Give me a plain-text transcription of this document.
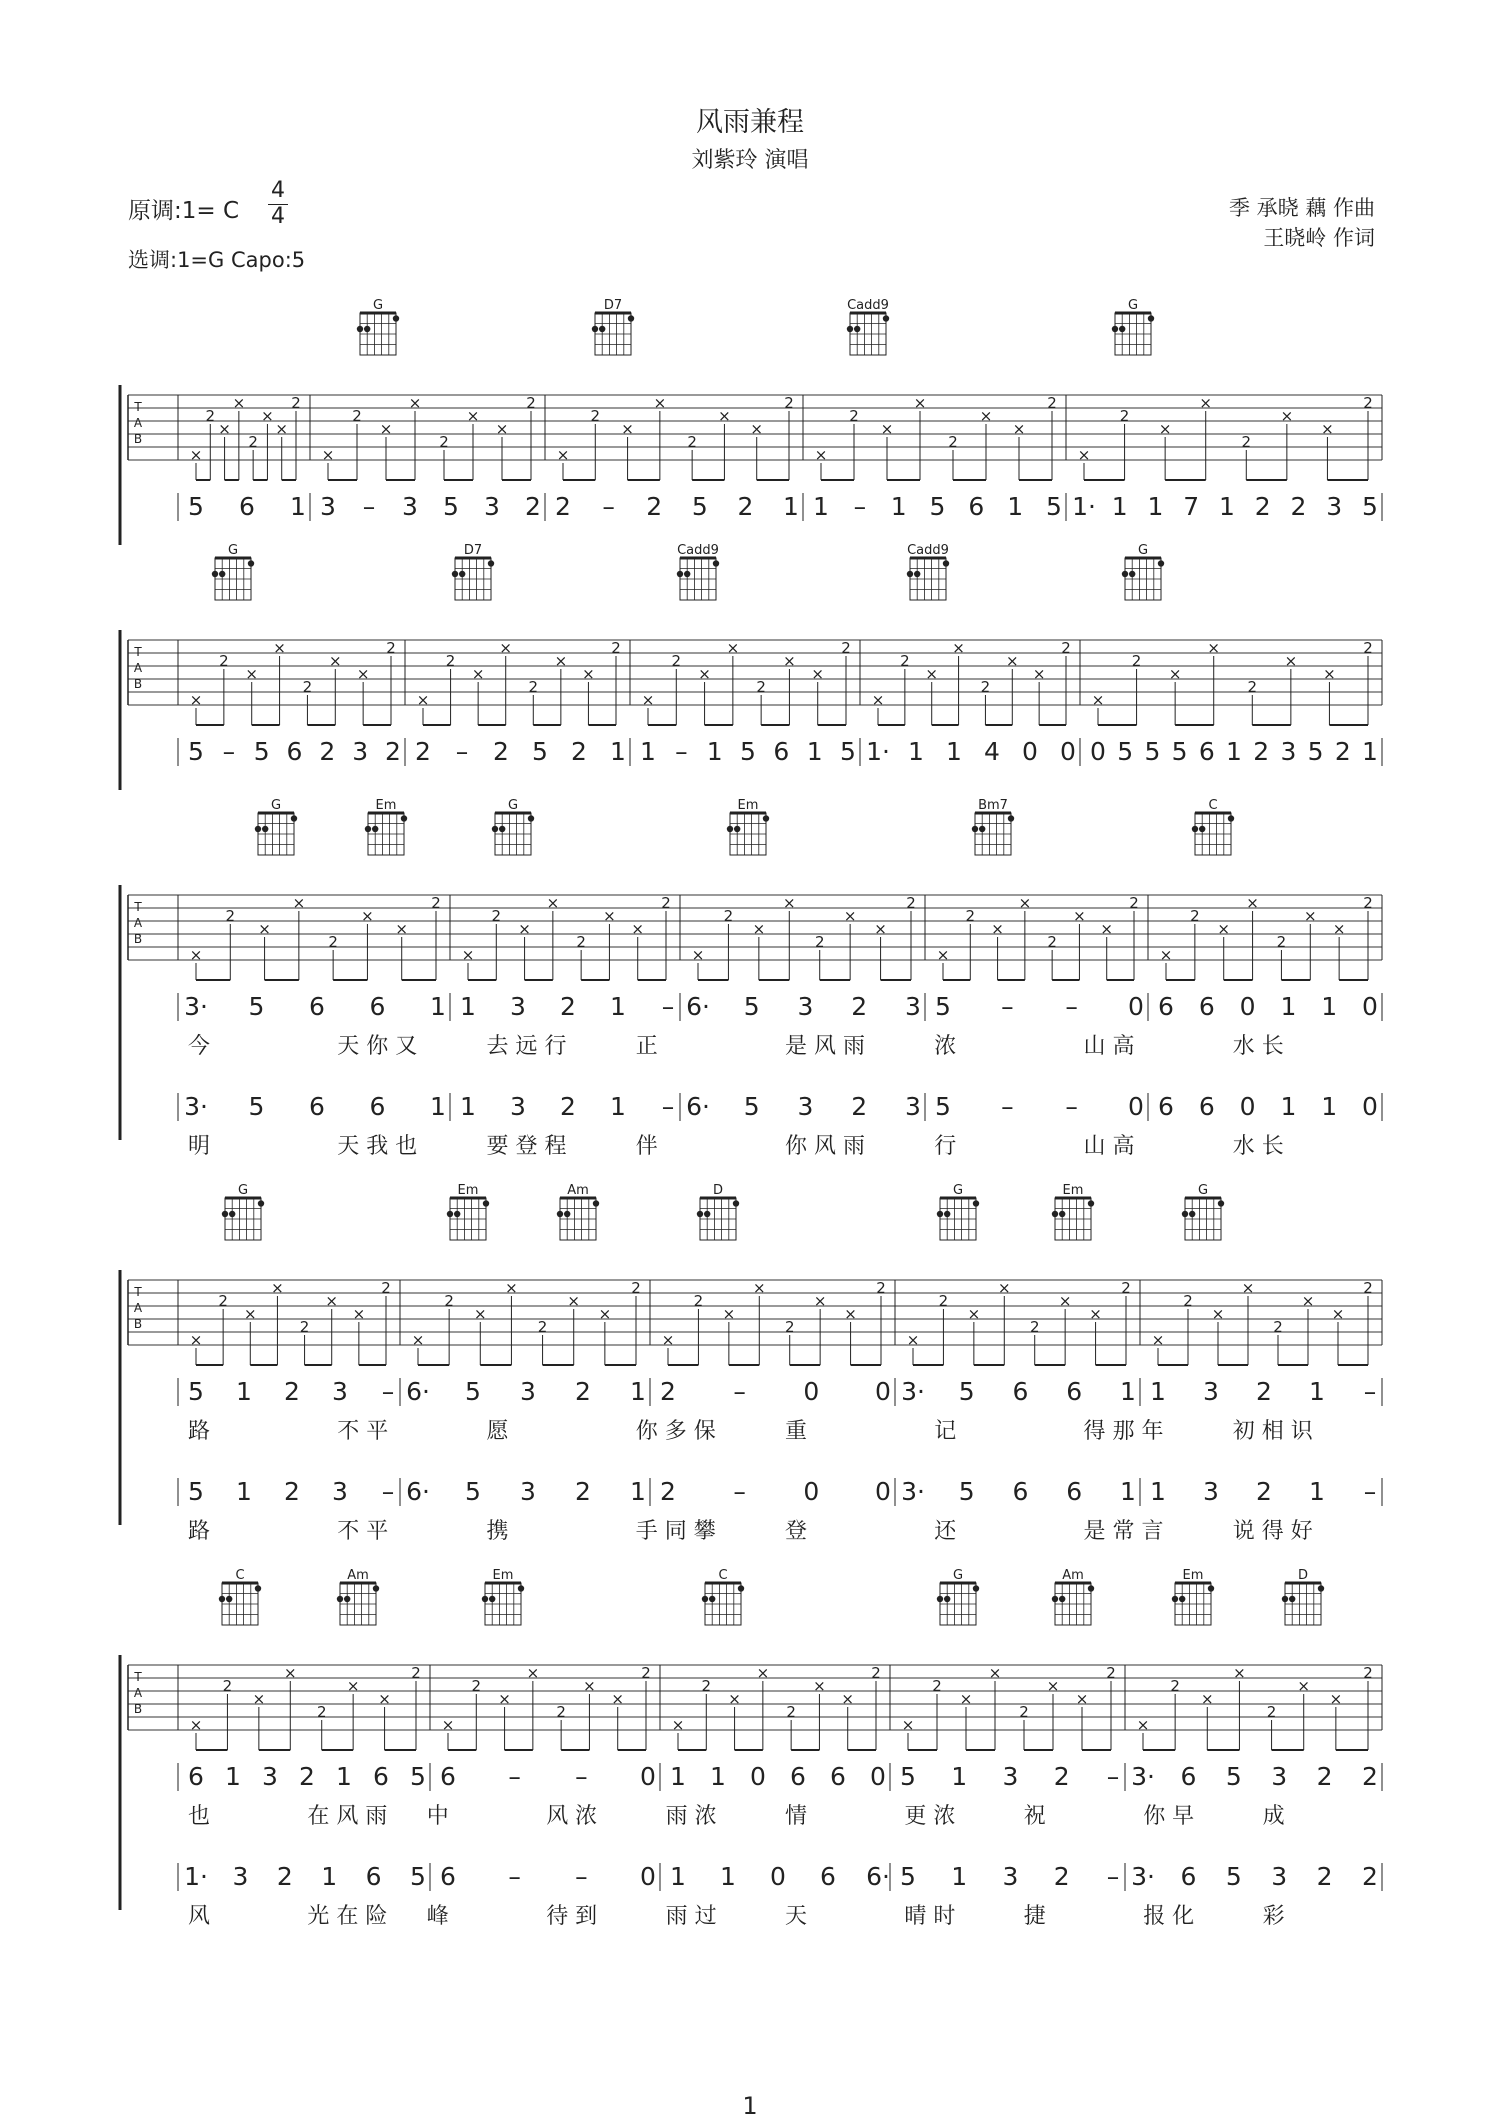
风雨兼程
刘紫玲 演唱
原调:1= C
4
4
选调:1=G Capo:5
季 承晓 藕 作曲
王晓岭 作词
G	D7	Cadd9	G
T
A
B
×
2
×
×
2
×
×
2
×
2
×
×
2
×
×
2
×
2
×
×
2
×
×
2
×
2
×
×
2
×
×
2
×
2
×
×
2
×
×
2
5 6 1 3 – 3 5 3 2 2 – 2 5 2 1 1 – 1 5 6 1 5 1· 1 1 7 1 2 2 3 5
G	D7	Cadd9	Cadd9	G
T
A
B
×
2
×
×
2
×
×
2
×
2
×
×
2
×
×
2
×
2
×
×
2
×
×
2
×
2
×
×
2
×
×
2
×
2
×
×
2
×
×
2
5 – 5 6 2 3 2 2 – 2 5 2 1 1 – 1 5 6 1 5 1· 1 1 4 0 0 0 5 5 5 6 1 2 3 5 2 1
G	Em	G	Em	Bm7	C
T
A
B
×
2
×
×
2
×
×
2
×
2
×
×
2
×
×
2
×
2
×
×
2
×
×
2
×
2
×
×
2
×
×
2
×
2
×
×
2
×
×
2
3· 5 6 6 1 1 3 2 1 – 6· 5 3 2 3 5 – – 0 6 6 0 1 1 0
今	天 你 又	去 远 行	正	是 风 雨	浓	山 高	水 长
3· 5 6 6 1 1 3 2 1 – 6· 5 3 2 3 5 – – 0 6 6 0 1 1 0
明	天 我 也	要 登 程	伴	你 风 雨	行	山 高	水 长
G	Em	Am	D	G	Em	G
T
A
B
×
2
×
×
2
×
×
2
×
2
×
×
2
×
×
2
×
2
×
×
2
×
×
2
×
2
×
×
2
×
×
2
×
2
×
×
2
×
×
2
5 1 2 3 – 6· 5 3 2 1 2 – 0 0 3· 5 6 6 1 1 3 2 1 –
路	不 平	愿	你 多 保	重	记	得 那 年	初 相 识
5 1 2 3 – 6· 5 3 2 1 2 – 0 0 3· 5 6 6 1 1 3 2 1 –
路	不 平	携	手 同 攀	登	还	是 常 言	说 得 好
C	Am	Em	C	G	Am	Em	D
T
A
B
×
2
×
×
2
×
×
2
×
2
×
×
2
×
×
2
×
2
×
×
2
×
×
2
×
2
×
×
2
×
×
2
×
2
×
×
2
×
×
2
6 1 3 2 1 6 5 6 – – 0 1 1 0 6 6 0 5 1 3 2 – 3· 6 5 3 2 2
也	在 风 雨 中	风 浓	雨 浓	情	更 浓	祝	你 早	成
1· 3 2 1 6 5 6 – – 0 1 1 0 6 6· 5 1 3 2 – 3· 6 5 3 2 2
风	光 在 险 峰	待 到	雨 过	天	晴 时	捷	报 化	彩
1
